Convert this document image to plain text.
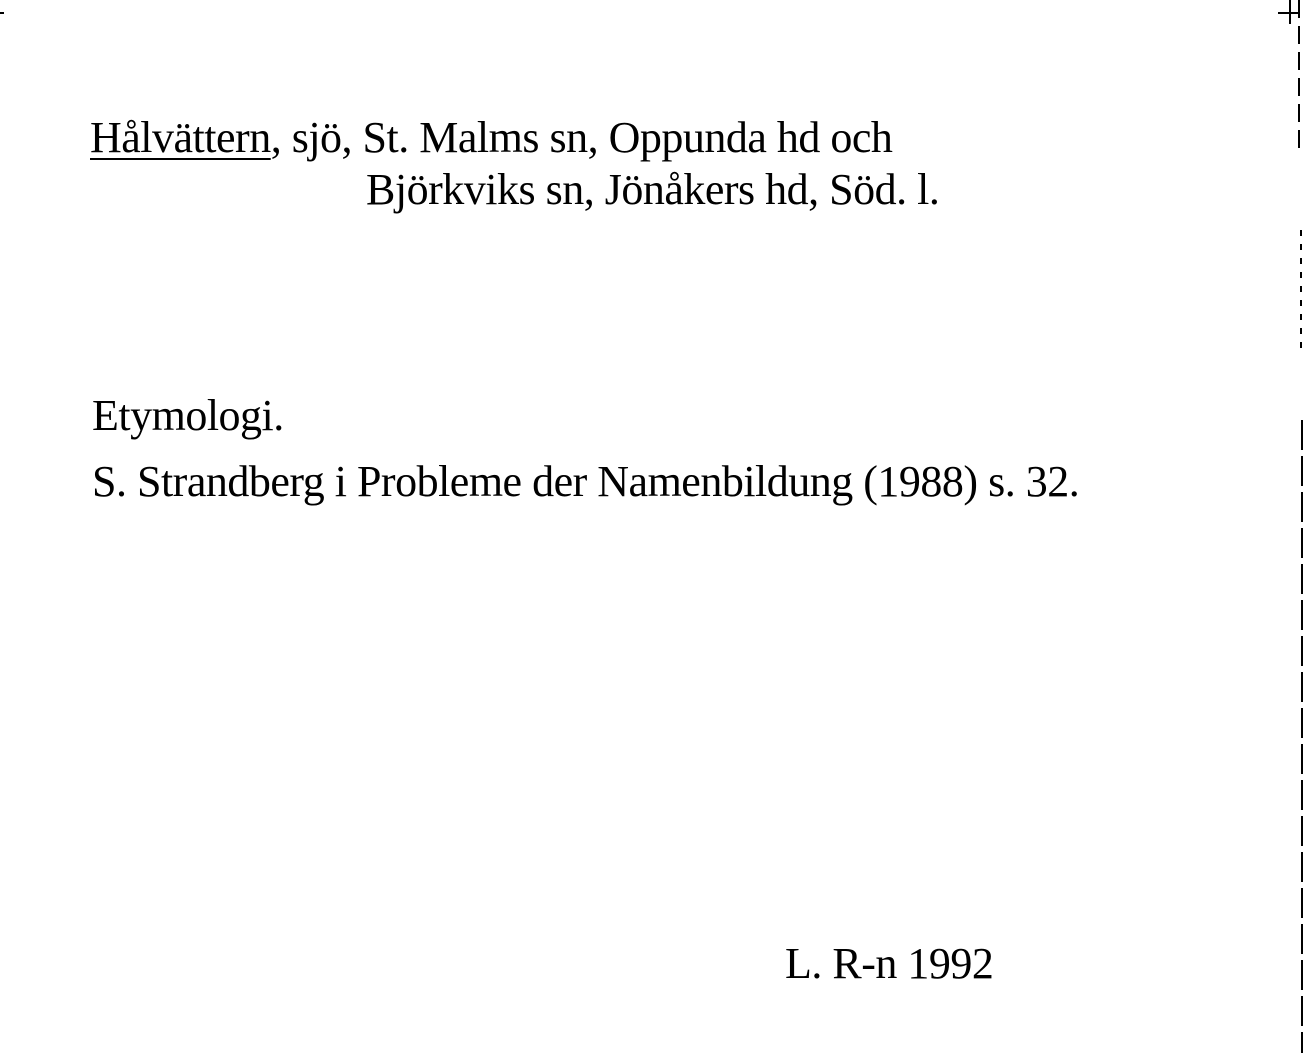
Hålvättern, sjö, St. Malms sn, Oppunda hd och
Björkviks sn, Jönåkers hd, Söd. l.
Etymologi.
S. Strandberg i Probleme der Namenbildung (1988) s. 32.
L. R-n 1992
